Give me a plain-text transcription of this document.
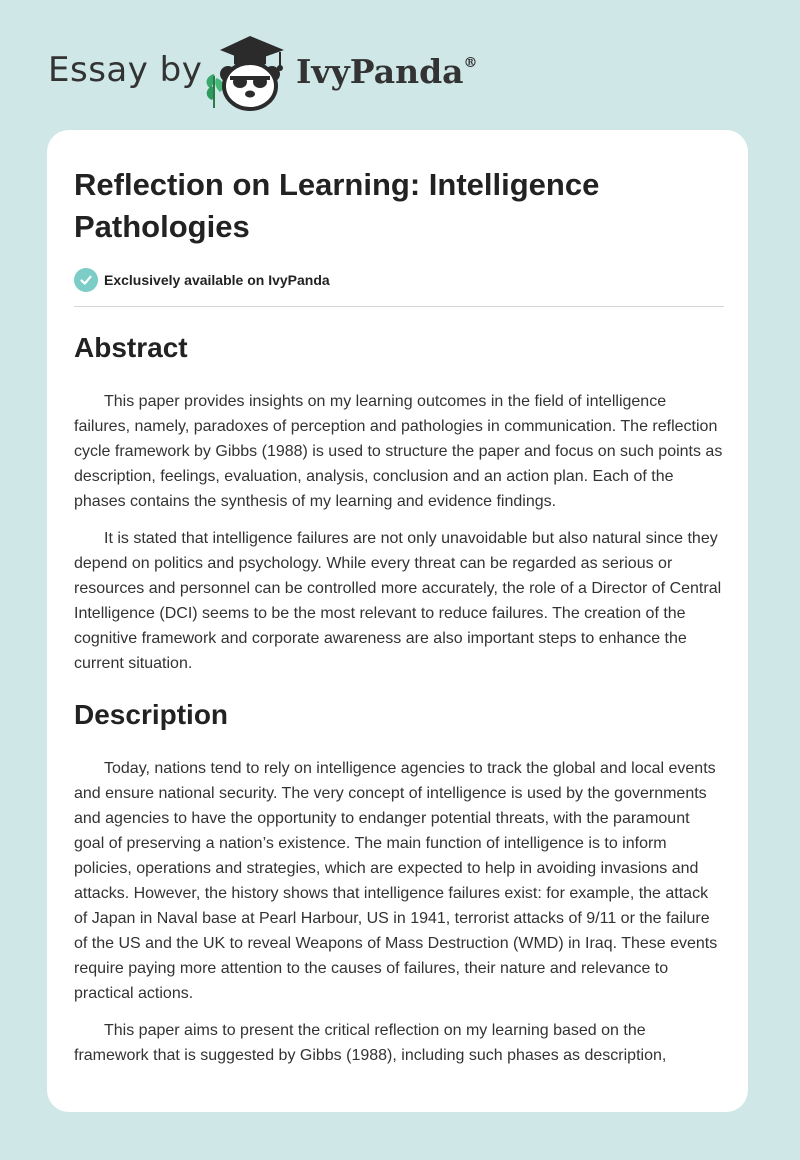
Essay by	IvyPanda®
Reflection on Learning: Intelligence Pathologies
Exclusively available on IvyPanda
Abstract

This paper provides insights on my learning outcomes in the field of intelligence failures, namely, paradoxes of perception and pathologies in communication. The reflection cycle framework by Gibbs (1988) is used to structure the paper and focus on such points as description, feelings, evaluation, analysis, conclusion and an action plan. Each of the phases contains the synthesis of my learning and evidence findings.

It is stated that intelligence failures are not only unavoidable but also natural since they depend on politics and psychology. While every threat can be regarded as serious or resources and personnel can be controlled more accurately, the role of a Director of Central Intelligence (DCI) seems to be the most relevant to reduce failures. The creation of the cognitive framework and corporate awareness are also important steps to enhance the current situation.

Description

Today, nations tend to rely on intelligence agencies to track the global and local events and ensure national security. The very concept of intelligence is used by the governments and agencies to have the opportunity to endanger potential threats, with the paramount goal of preserving a nation’s existence. The main function of intelligence is to inform policies, operations and strategies, which are expected to help in avoiding invasions and attacks. However, the history shows that intelligence failures exist: for example, the attack of Japan in Naval base at Pearl Harbour, US in 1941, terrorist attacks of 9/11 or the failure of the US and the UK to reveal Weapons of Mass Destruction (WMD) in Iraq. These events require paying more attention to the causes of failures, their nature and relevance to practical actions.

This paper aims to present the critical reflection on my learning based on the framework that is suggested by Gibbs (1988), including such phases as description,
